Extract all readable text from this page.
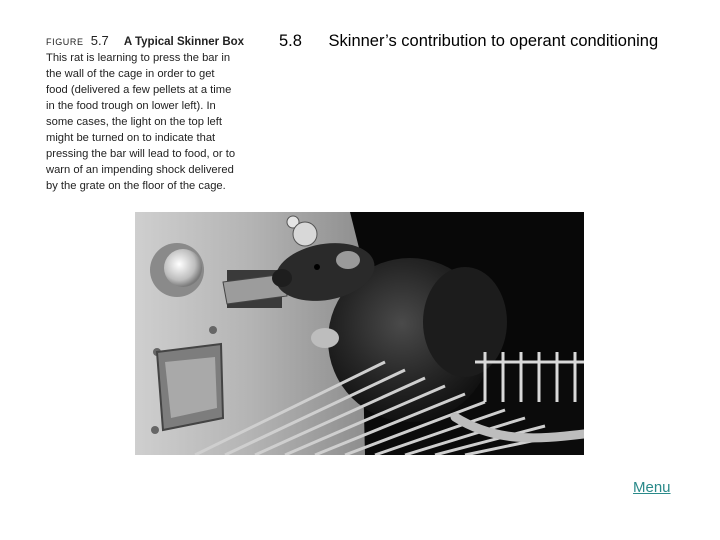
FIGURE 5.7 A Typical Skinner Box
This rat is learning to press the bar in
the wall of the cage in order to get
food (delivered a few pellets at a time
in the food trough on lower left). In
some cases, the light on the top left
might be turned on to indicate that
pressing the bar will lead to food, or to
warn of an impending shock delivered
by the grate on the floor of the cage.
5.8 Skinner’s contribution to operant conditioning
Menu
